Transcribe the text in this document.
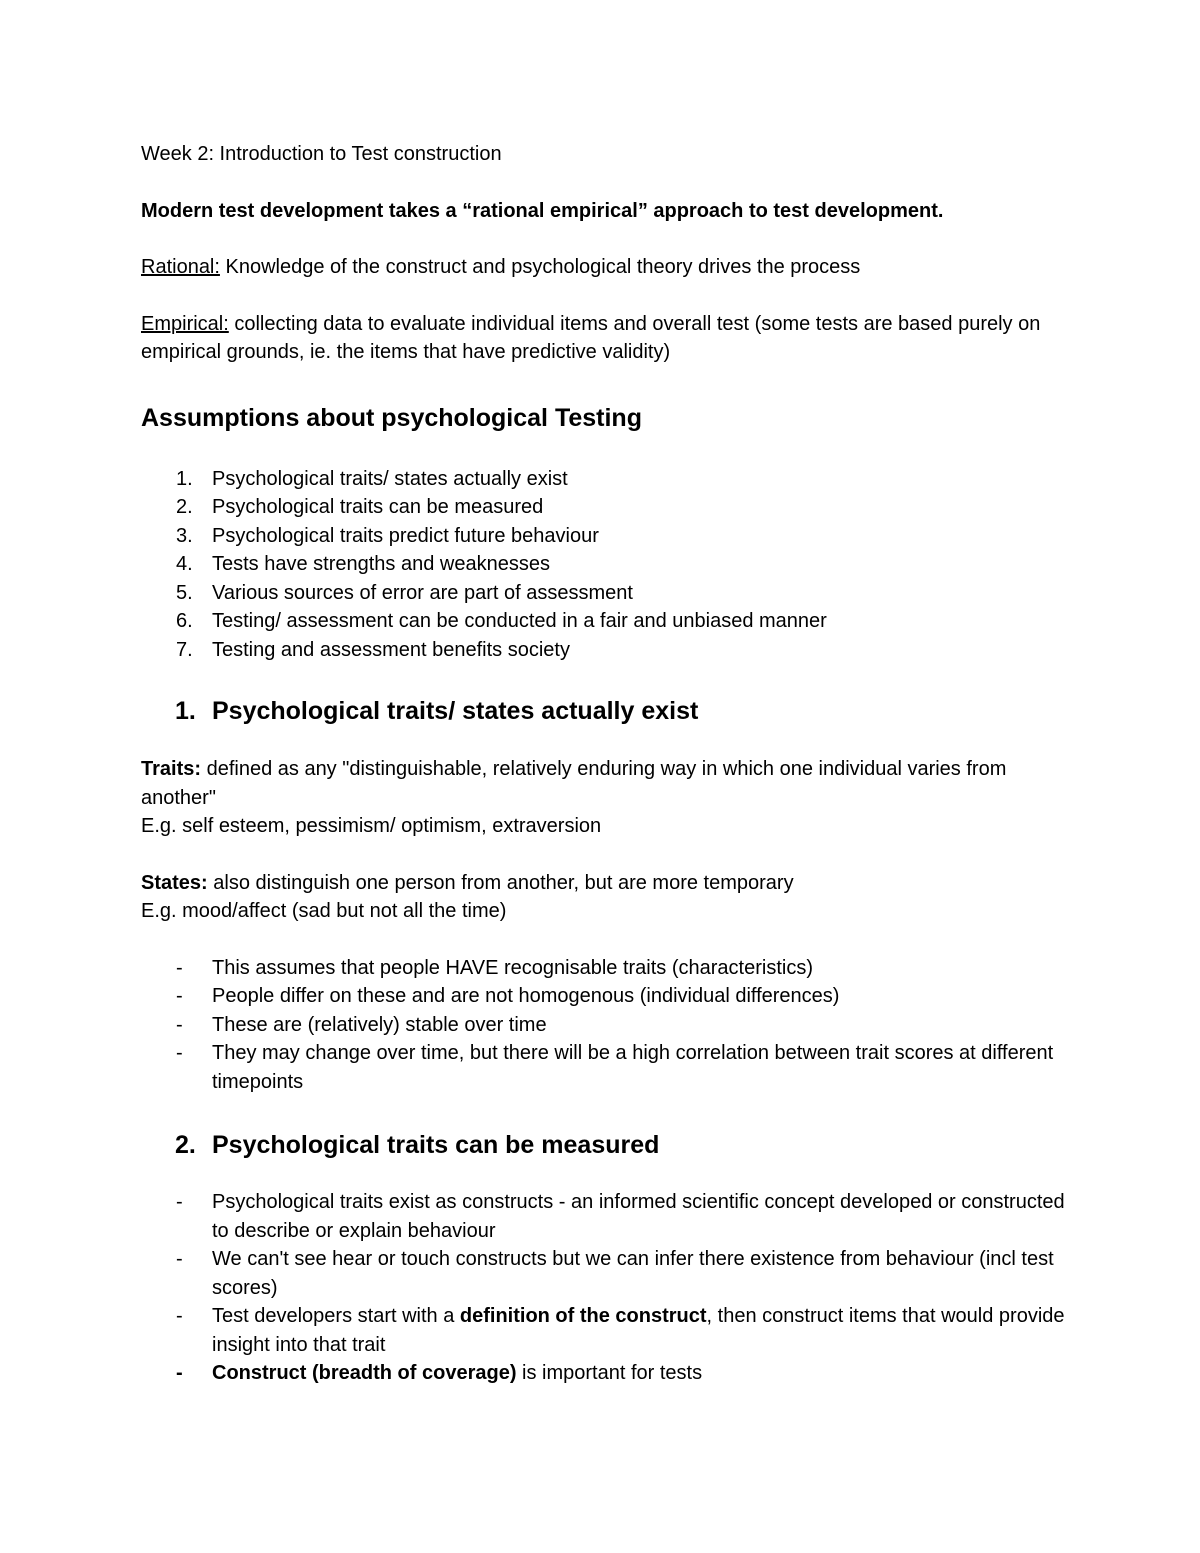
Week 2: Introduction to Test construction

Modern test development takes a “rational empirical” approach to test development.

Rational: Knowledge of the construct and psychological theory drives the process

Empirical: collecting data to evaluate individual items and overall test (some tests are based purely on empirical grounds, ie. the items that have predictive validity)

Assumptions about psychological Testing
1. Psychological traits/ states actually exist
2. Psychological traits can be measured
3. Psychological traits predict future behaviour
4. Tests have strengths and weaknesses
5. Various sources of error are part of assessment
6. Testing/ assessment can be conducted in a fair and unbiased manner
7. Testing and assessment benefits society
1. Psychological traits/ states actually exist

Traits: defined as any "distinguishable, relatively enduring way in which one individual varies from another"

E.g. self esteem, pessimism/ optimism, extraversion

States: also distinguish one person from another, but are more temporary

E.g. mood/affect (sad but not all the time)

- This assumes that people HAVE recognisable traits (characteristics)
- People differ on these and are not homogenous (individual differences)
- These are (relatively) stable over time
- They may change over time, but there will be a high correlation between trait scores at different timepoints
2. Psychological traits can be measured
- Psychological traits exist as constructs - an informed scientific concept developed or constructed to describe or explain behaviour
- We can't see hear or touch constructs but we can infer there existence from behaviour (incl test scores)
- Test developers start with a definition of the construct, then construct items that would provide insight into that trait
- Construct (breadth of coverage) is important for tests
